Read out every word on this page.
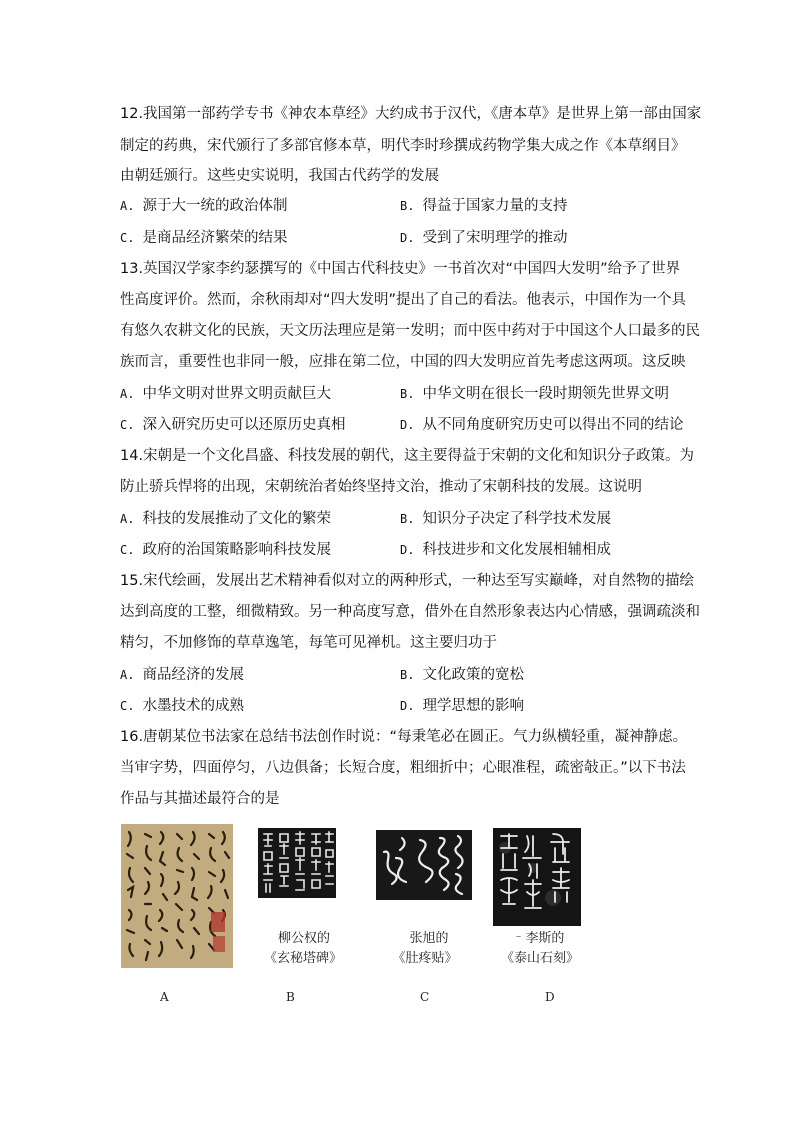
12.我国第一部药学专书《神农本草经》大约成书于汉代，《唐本草》是世界上第一部由国家
制定的药典，宋代颁行了多部官修本草，明代李时珍撰成药物学集大成之作《本草纲目》
由朝廷颁行。这些史实说明，我国古代药学的发展
A. 源于大一统的政治体制	B. 得益于国家力量的支持
C. 是商品经济繁荣的结果	D. 受到了宋明理学的推动
13.英国汉学家李约瑟撰写的《中国古代科技史》一书首次对“中国四大发明”给予了世界
性高度评价。然而，余秋雨却对“四大发明”提出了自己的看法。他表示，中国作为一个具
有悠久农耕文化的民族，天文历法理应是第一发明；而中医中药对于中国这个人口最多的民
族而言，重要性也非同一般，应排在第二位，中国的四大发明应首先考虑这两项。这反映
A. 中华文明对世界文明贡献巨大	B. 中华文明在很长一段时期领先世界文明
C. 深入研究历史可以还原历史真相	D. 从不同角度研究历史可以得出不同的结论
14.宋朝是一个文化昌盛、科技发展的朝代，这主要得益于宋朝的文化和知识分子政策。为
防止骄兵悍将的出现，宋朝统治者始终坚持文治，推动了宋朝科技的发展。这说明
A. 科技的发展推动了文化的繁荣	B. 知识分子决定了科学技术发展
C. 政府的治国策略影响科技发展	D. 科技进步和文化发展相辅相成
15.宋代绘画，发展出艺术精神看似对立的两种形式，一种达至写实巅峰，对自然物的描绘
达到高度的工整，细微精致。另一种高度写意，借外在自然形象表达内心情感，强调疏淡和
精匀，不加修饰的草草逸笔，每笔可见禅机。这主要归功于
A. 商品经济的发展	B. 文化政策的宽松
C. 水墨技术的成熟	D. 理学思想的影响
16.唐朝某位书法家在总结书法创作时说：“每秉笔必在圆正。气力纵横轻重，凝神静虑。
当审字势，四面停匀，八边俱备；长短合度，粗细折中；心眼准程，疏密敧正。”以下书法
作品与其描述最符合的是
A
柳公权的
《玄秘塔碑》
B
张旭的
《肚疼贴》
C
⁻ 李斯的
《泰山石刻》
D
